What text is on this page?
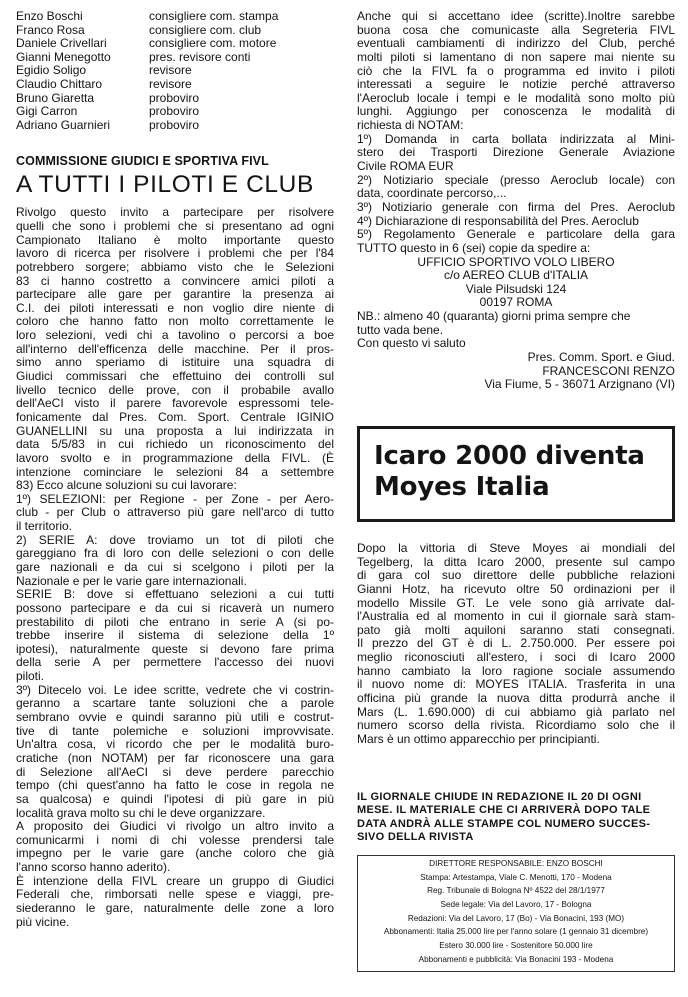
Enzo Boschi	consigliere com. stampa
Franco Rosa	consigliere com. club
Daniele Crivellari	consigliere com. motore
Gianni Menegotto	pres. revisore conti
Egidio Soligo	revisore
Claudio Chittaro	revisore
Bruno Giaretta	proboviro
Gigi Carron	proboviro
Adriano Guarnieri	proboviro
COMMISSIONE GIUDICI E SPORTIVA FIVL
A TUTTI I PILOTI E CLUB
Rivolgo questo invito a partecipare per risolvere
quelli che sono i problemi che si presentano ad ogni
Campionato Italiano è molto importante questo
lavoro di ricerca per risolvere i problemi che per l'84
potrebbero sorgere; abbiamo visto che le Selezioni
83 ci hanno costretto a convincere amici piloti a
partecipare alle gare per garantire la presenza ai
C.I. dei piloti interessati e non voglio dire niente di
coloro che hanno fatto non molto correttamente le
loro selezioni, vedi chi a tavolino o percorsi a boe
all'interno dell'efficenza delle macchine. Per il pros-
simo anno speriamo di istituire una squadra di
Giudici commissari che effettuino dei controlli sul
livello tecnico delle prove, con il probabile avallo
dell'AeCI visto il parere favorevole espressomi tele-
fonicamente dal Pres. Com. Sport. Centrale IGINIO
GUANELLINI su una proposta a lui indirizzata in
data 5/5/83 in cui richiedo un riconoscimento del
lavoro svolto e in programmazione della FIVL. (È
intenzione cominciare le selezioni 84 a settembre
83) Ecco alcune soluzioni su cui lavorare:
1º) SELEZIONI: per Regione - per Zone - per Aero-
club - per Club o attraverso più gare nell'arco di tutto
il territorio.
2) SERIE A: dove troviamo un tot di piloti che
gareggiano fra di loro con delle selezioni o con delle
gare nazionali e da cui si scelgono i piloti per la
Nazionale e per le varie gare internazionali.
SERIE B: dove si effettuano selezioni a cui tutti
possono partecipare e da cui si ricaverà un numero
prestabilito di piloti che entrano in serie A (si po-
trebbe inserire il sistema di selezione della 1º
ipotesi), naturalmente queste si devono fare prima
della serie A per permettere l'accesso dei nuovi
piloti.
3º) Ditecelo voi. Le idee scritte, vedrete che vi costrin-
geranno a scartare tante soluzioni che a parole
sembrano ovvie e quindi saranno più utili e costrut-
tive di tante polemiche e soluzioni improvvisate.
Un'altra cosa, vi ricordo che per le modalità buro-
cratiche (non NOTAM) per far riconoscere una gara
di Selezione all'AeCI si deve perdere parecchio
tempo (chi quest'anno ha fatto le cose in regola ne
sa qualcosa) e quindi l'ipotesi di più gare in più
località grava molto su chi le deve organizzare.
A proposito dei Giudici vi rivolgo un altro invito a
comunicarmi i nomi di chi volesse prendersi tale
impegno per le varie gare (anche coloro che già
l'anno scorso hanno aderito).
È intenzione della FIVL creare un gruppo di Giudici
Federali che, rimborsati nelle spese e viaggi, pre-
siederanno le gare, naturalmente delle zone a loro
più vicine.
Anche qui si accettano idee (scritte).Inoltre sarebbe
buona cosa che comunicaste alla Segreteria FIVL
eventuali cambiamenti di indirizzo del Club, perché
molti piloti si lamentano di non sapere mai niente su
ciò che la FIVL fa o programma ed invito i piloti
interessati a seguire le notizie perché attraverso
l'Aeroclub locale i tempi e le modalità sono molto più
lunghi. Aggiungo per conoscenza le modalità di
richiesta di NOTAM:
1º) Domanda in carta bollata indirizzata al Mini-
stero dei Trasporti Direzione Generale Aviazione
Civile ROMA EUR
2º) Notiziario speciale (presso Aeroclub locale) con
data, coordinate percorso,...
3º) Notiziario generale con firma del Pres. Aeroclub
4º) Dichiarazione di responsabilità del Pres. Aeroclub
5º) Regolamento Generale e particolare della gara
TUTTO questo in 6 (sei) copie da spedire a:
UFFICIO SPORTIVO VOLO LIBERO
c/o AEREO CLUB d'ITALIA
Viale Pilsudski 124
00197 ROMA
NB.: almeno 40 (quaranta) giorni prima sempre che
tutto vada bene.
Con questo vi saluto
Pres. Comm. Sport. e Giud.
FRANCESCONI RENZO
Via Fiume, 5 - 36071 Arzignano (VI)
Icaro 2000 diventa
Moyes Italia
Dopo la vittoria di Steve Moyes ai mondiali del
Tegelberg, la ditta Icaro 2000, presente sul campo
di gara col suo direttore delle pubbliche relazioni
Gianni Hotz, ha ricevuto oltre 50 ordinazioni per il
modello Missile GT. Le vele sono già arrivate dal-
l'Australia ed al momento in cui il giornale sarà stam-
pato già molti aquiloni saranno stati consegnati.
Il prezzo del GT è di L. 2.750.000. Per essere poi
meglio riconosciuti all'estero, i soci di Icaro 2000
hanno cambiato la loro ragione sociale assumendo
il nuovo nome di: MOYES ITALIA. Trasferita in una
officina più grande la nuova ditta produrrà anche il
Mars (L. 1.690.000) di cui abbiamo già parlato nel
numero scorso della rivista. Ricordiamo solo che il
Mars è un ottimo apparecchio per principianti.
IL GIORNALE CHIUDE IN REDAZIONE IL 20 DI OGNI
MESE. IL MATERIALE CHE CI ARRIVERÀ DOPO TALE
DATA ANDRÀ ALLE STAMPE COL NUMERO SUCCES-
SIVO DELLA RIVISTA
DIRETTORE RESPONSABILE: ENZO BOSCHI
Stampa: Artestampa, Viale C. Menotti, 170 - Modena
Reg. Tribunale di Bologna Nº 4522 del 28/1/1977
Sede legale: Via del Lavoro, 17 - Bologna
Redazioni: Via del Lavoro, 17 (Bo) - Via Bonacini, 193 (MO)
Abbonamenti: Italia 25.000 lire per l'anno solare (1 gennaio 31 dicembre)
Estero 30.000 lire - Sostenitore 50.000 lire
Abbonamenti e pubblicità: Via Bonacini 193 - Modena
